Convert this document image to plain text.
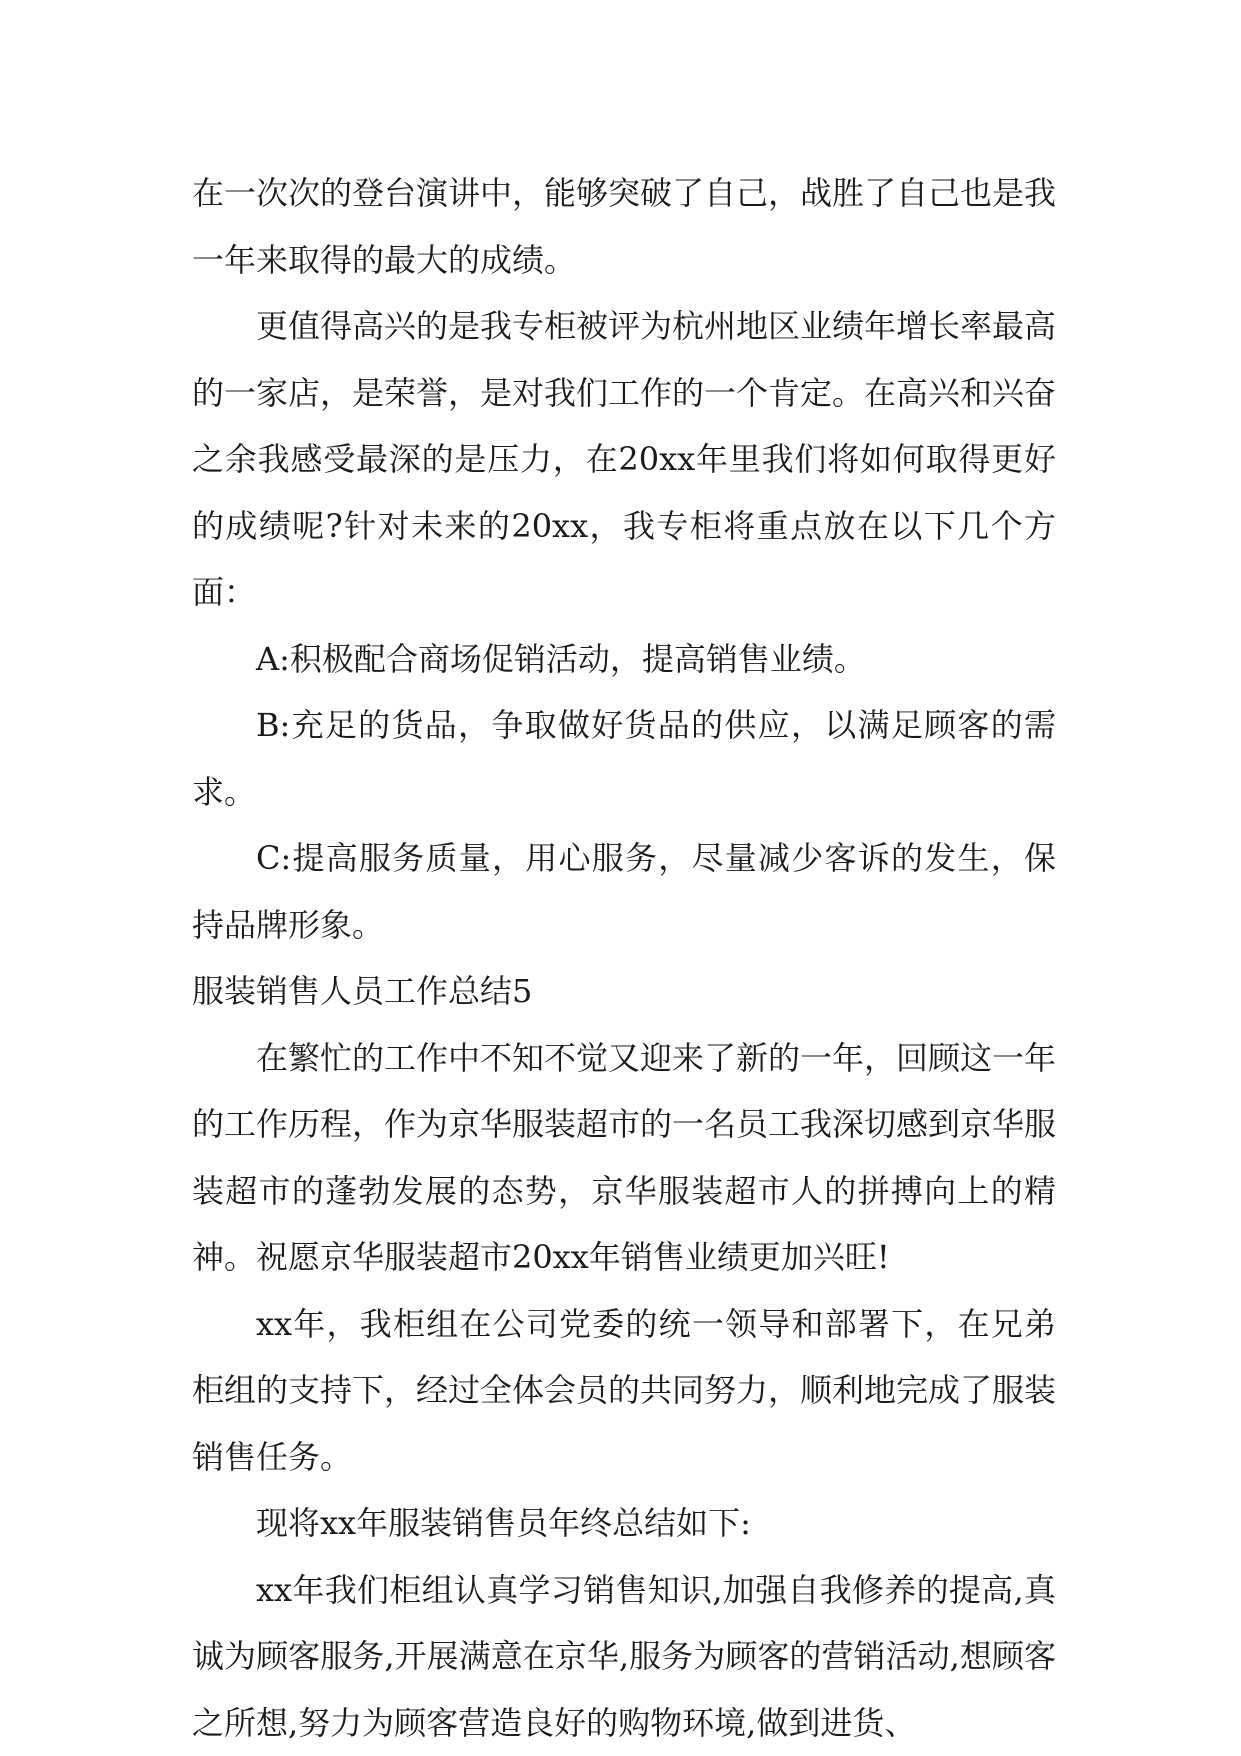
在一次次的登台演讲中，能够突破了自己，战胜了自己也是我一年来取得的最大的成绩。

更值得高兴的是我专柜被评为杭州地区业绩年增长率最高的一家店，是荣誉，是对我们工作的一个肯定。在高兴和兴奋之余我感受最深的是压力，在20xx年里我们将如何取得更好的成绩呢?针对未来的20xx，我专柜将重点放在以下几个方面：

A:积极配合商场促销活动，提高销售业绩。

B:充足的货品，争取做好货品的供应，以满足顾客的需求。

C:提高服务质量，用心服务，尽量减少客诉的发生，保持品牌形象。

服装销售人员工作总结5

在繁忙的工作中不知不觉又迎来了新的一年，回顾这一年的工作历程，作为京华服装超市的一名员工我深切感到京华服装超市的蓬勃发展的态势，京华服装超市人的拼搏向上的精神。祝愿京华服装超市20xx年销售业绩更加兴旺!

xx年，我柜组在公司党委的统一领导和部署下，在兄弟柜组的支持下，经过全体会员的共同努力，顺利地完成了服装销售任务。

现将xx年服装销售员年终总结如下:

xx年我们柜组认真学习销售知识,加强自我修养的提高,真诚为顾客服务,开展满意在京华,服务为顾客的营销活动,想顾客之所想,努力为顾客营造良好的购物环境,做到进货、
